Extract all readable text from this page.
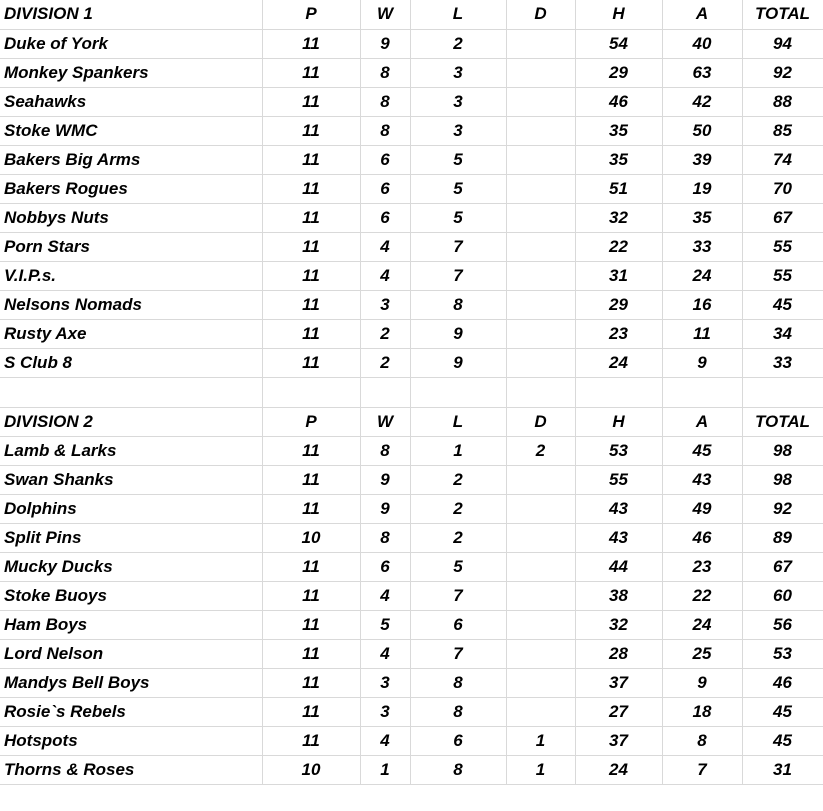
DIVISION 1	P	W	L	D	H	A	TOTAL
Duke of York	11	9	2		54	40	94
Monkey Spankers	11	8	3		29	63	92
Seahawks	11	8	3		46	42	88
Stoke WMC	11	8	3		35	50	85
Bakers Big Arms	11	6	5		35	39	74
Bakers Rogues	11	6	5		51	19	70
Nobbys Nuts	11	6	5		32	35	67
Porn Stars	11	4	7		22	33	55
V.I.P.s.	11	4	7		31	24	55
Nelsons Nomads	11	3	8		29	16	45
Rusty Axe	11	2	9		23	11	34
S Club 8	11	2	9		24	9	33

DIVISION 2	P	W	L	D	H	A	TOTAL
Lamb & Larks	11	8	1	2	53	45	98
Swan Shanks	11	9	2		55	43	98
Dolphins	11	9	2		43	49	92
Split Pins	10	8	2		43	46	89
Mucky Ducks	11	6	5		44	23	67
Stoke Buoys	11	4	7		38	22	60
Ham Boys	11	5	6		32	24	56
Lord Nelson	11	4	7		28	25	53
Mandys Bell Boys	11	3	8		37	9	46
Rosie`s Rebels	11	3	8		27	18	45
Hotspots	11	4	6	1	37	8	45
Thorns & Roses	10	1	8	1	24	7	31
